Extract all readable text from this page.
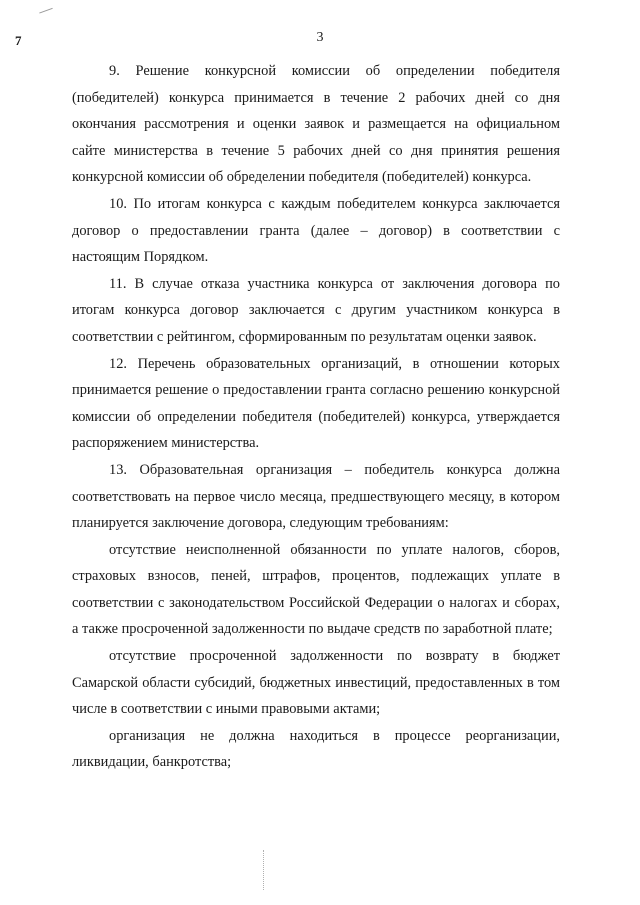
7	3

9. Решение конкурсной комиссии об определении победителя (победителей) конкурса принимается в течение 2 рабочих дней со дня окончания рассмотрения и оценки заявок и размещается на официальном сайте министерства в течение 5 рабочих дней со дня принятия решения конкурсной комиссии об обределении победителя (победителей) конкурса.

10. По итогам конкурса с каждым победителем конкурса заключается договор о предоставлении гранта (далее – договор) в соответствии с настоящим Порядком.

11. В случае отказа участника конкурса от заключения договора по итогам конкурса договор заключается с другим участником конкурса в соответствии с рейтингом, сформированным по результатам оценки заявок.

12. Перечень образовательных организаций, в отношении которых принимается решение о предоставлении гранта согласно решению конкурсной комиссии об определении победителя (победителей) конкурса, утверждается распоряжением министерства.

13. Образовательная организация – победитель конкурса должна соответствовать на первое число месяца, предшествующего месяцу, в котором планируется заключение договора, следующим требованиям:

отсутствие неисполненной обязанности по уплате налогов, сборов, страховых взносов, пеней, штрафов, процентов, подлежащих уплате в соответствии с законодательством Российской Федерации о налогах и сборах, а также просроченной задолженности по выдаче средств по заработной плате;

отсутствие просроченной задолженности по возврату в бюджет Самарской области субсидий, бюджетных инвестиций, предоставленных в том числе в соответствии с иными правовыми актами;

организация не должна находиться в процессе реорганизации, ликвидации, банкротства;
